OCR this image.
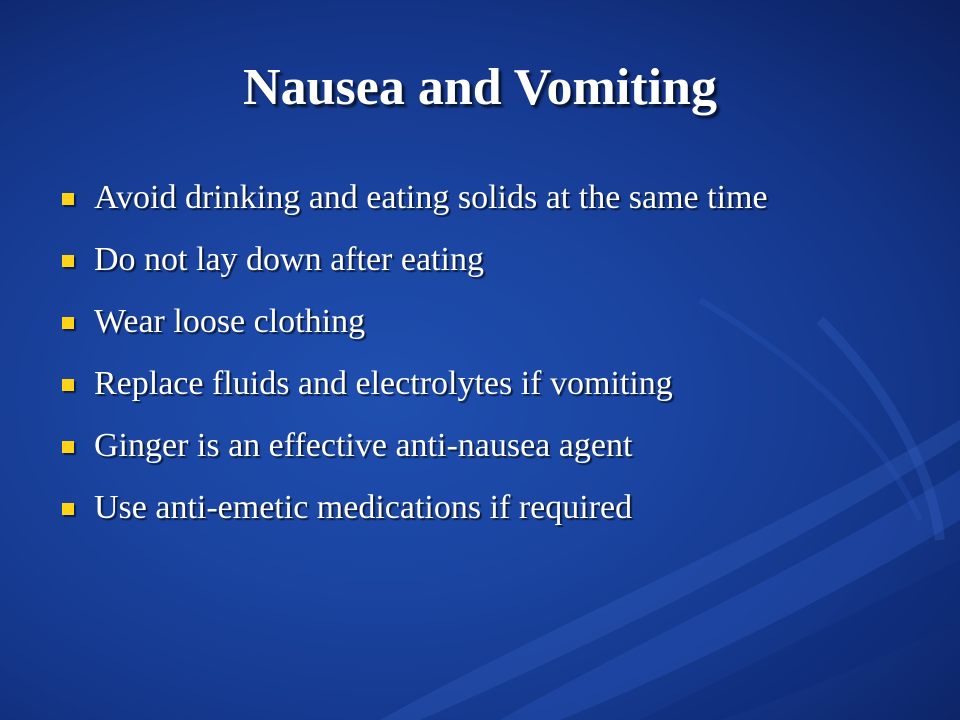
Nausea and Vomiting
Avoid drinking and eating solids at the same time
Do not lay down after eating
Wear loose clothing
Replace fluids and electrolytes if vomiting
Ginger is an effective anti-nausea agent
Use anti-emetic medications if required
